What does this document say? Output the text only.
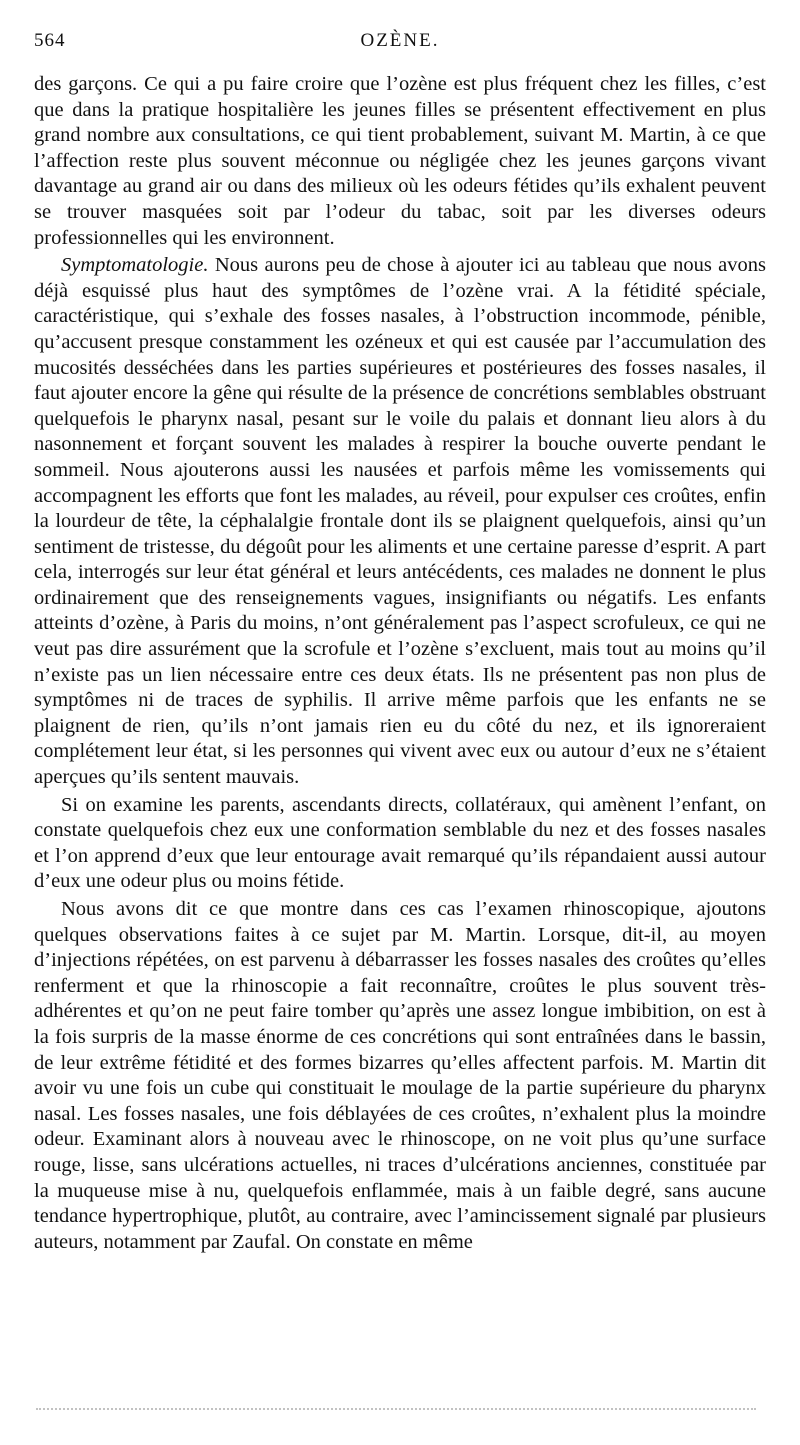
564	OZÈNE.

des garçons. Ce qui a pu faire croire que l’ozène est plus fréquent chez les filles, c’est que dans la pratique hospitalière les jeunes filles se présentent effectivement en plus grand nombre aux consultations, ce qui tient probablement, suivant M. Martin, à ce que l’affection reste plus souvent méconnue ou négligée chez les jeunes garçons vivant davantage au grand air ou dans des milieux où les odeurs fétides qu’ils exhalent peuvent se trouver masquées soit par l’odeur du tabac, soit par les diverses odeurs professionnelles qui les environnent.

Symptomatologie. Nous aurons peu de chose à ajouter ici au tableau que nous avons déjà esquissé plus haut des symptômes de l’ozène vrai. A la fétidité spéciale, caractéristique, qui s’exhale des fosses nasales, à l’obstruction incommode, pénible, qu’accusent presque constamment les ozéneux et qui est causée par l’accumulation des mucosités desséchées dans les parties supérieures et postérieures des fosses nasales, il faut ajouter encore la gêne qui résulte de la présence de concrétions semblables obstruant quelquefois le pharynx nasal, pesant sur le voile du palais et donnant lieu alors à du nasonnement et forçant souvent les malades à respirer la bouche ouverte pendant le sommeil. Nous ajouterons aussi les nausées et parfois même les vomissements qui accompagnent les efforts que font les malades, au réveil, pour expulser ces croûtes, enfin la lourdeur de tête, la céphalalgie frontale dont ils se plaignent quelquefois, ainsi qu’un sentiment de tristesse, du dégoût pour les aliments et une certaine paresse d’esprit. A part cela, interrogés sur leur état général et leurs antécédents, ces malades ne donnent le plus ordinairement que des renseignements vagues, insignifiants ou négatifs. Les enfants atteints d’ozène, à Paris du moins, n’ont généralement pas l’aspect scrofuleux, ce qui ne veut pas dire assurément que la scrofule et l’ozène s’excluent, mais tout au moins qu’il n’existe pas un lien nécessaire entre ces deux états. Ils ne présentent pas non plus de symptômes ni de traces de syphilis. Il arrive même parfois que les enfants ne se plaignent de rien, qu’ils n’ont jamais rien eu du côté du nez, et ils ignoreraient complétement leur état, si les personnes qui vivent avec eux ou autour d’eux ne s’étaient aperçues qu’ils sentent mauvais.

Si on examine les parents, ascendants directs, collatéraux, qui amènent l’enfant, on constate quelquefois chez eux une conformation semblable du nez et des fosses nasales et l’on apprend d’eux que leur entourage avait remarqué qu’ils répandaient aussi autour d’eux une odeur plus ou moins fétide.

Nous avons dit ce que montre dans ces cas l’examen rhinoscopique, ajoutons quelques observations faites à ce sujet par M. Martin. Lorsque, dit-il, au moyen d’injections répétées, on est parvenu à débarrasser les fosses nasales des croûtes qu’elles renferment et que la rhinoscopie a fait reconnaître, croûtes le plus souvent très-adhérentes et qu’on ne peut faire tomber qu’après une assez longue imbibition, on est à la fois surpris de la masse énorme de ces concrétions qui sont entraînées dans le bassin, de leur extrême fétidité et des formes bizarres qu’elles affectent parfois. M. Martin dit avoir vu une fois un cube qui constituait le moulage de la partie supérieure du pharynx nasal. Les fosses nasales, une fois déblayées de ces croûtes, n’exhalent plus la moindre odeur. Examinant alors à nouveau avec le rhinoscope, on ne voit plus qu’une surface rouge, lisse, sans ulcérations actuelles, ni traces d’ulcérations anciennes, constituée par la muqueuse mise à nu, quelquefois enflammée, mais à un faible degré, sans aucune tendance hypertrophique, plutôt, au contraire, avec l’amincissement signalé par plusieurs auteurs, notamment par Zaufal. On constate en même
